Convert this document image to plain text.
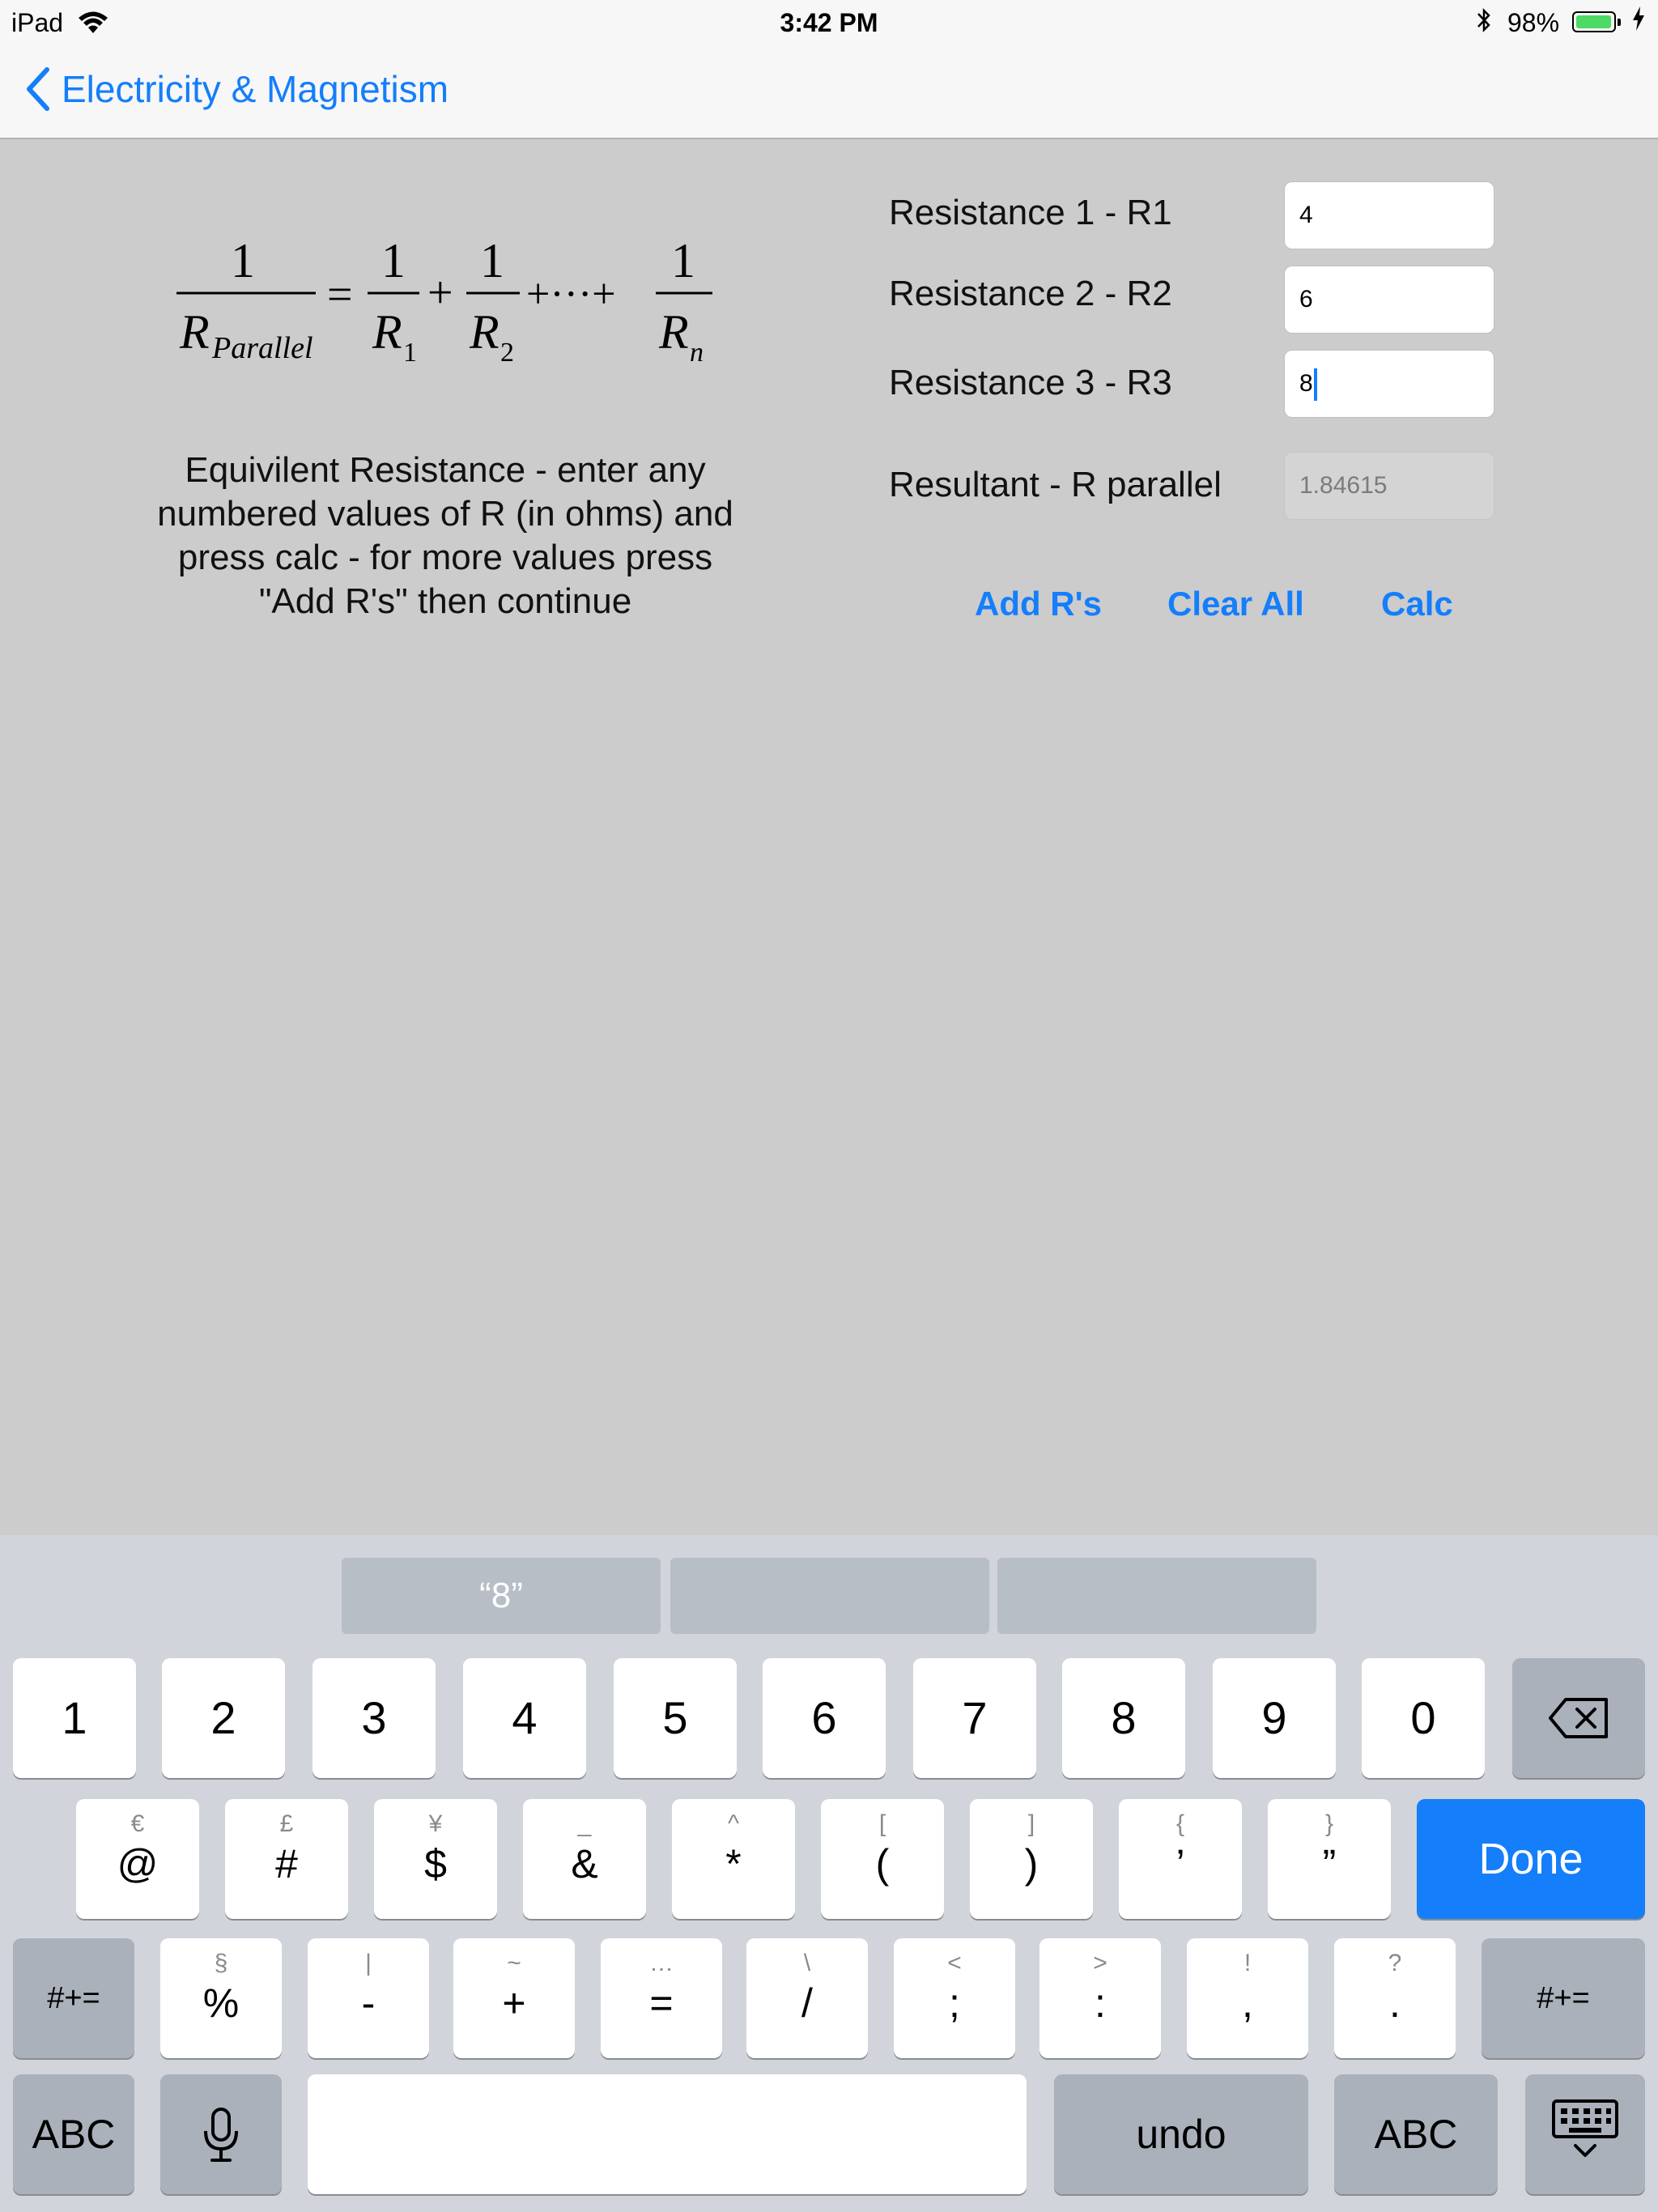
iPad	3:42 PM	98%
Electricity & Magnetism
1
R Parallel
=
1
R 1
+
1
R 2
+···+
1
R n
Equivilent Resistance - enter any
numbered values of R (in ohms) and
press calc - for more values press
"Add R's" then continue
Resistance 1 - R1	4
Resistance 2 - R2	6
Resistance 3 - R3	8
Resultant - R parallel	1.84615
Add R's Clear All Calc
“8”
1	2	3	4	5	6	7	8	9	0
€
@
£
#
¥
$
_
&
^
*
[
(
]
)
{
’
}
”	Done
#+=
§
%
|
-
~
+
…
=
\
/
<
;
>
:
!
,
?
.	#+=
ABC	undo	ABC
